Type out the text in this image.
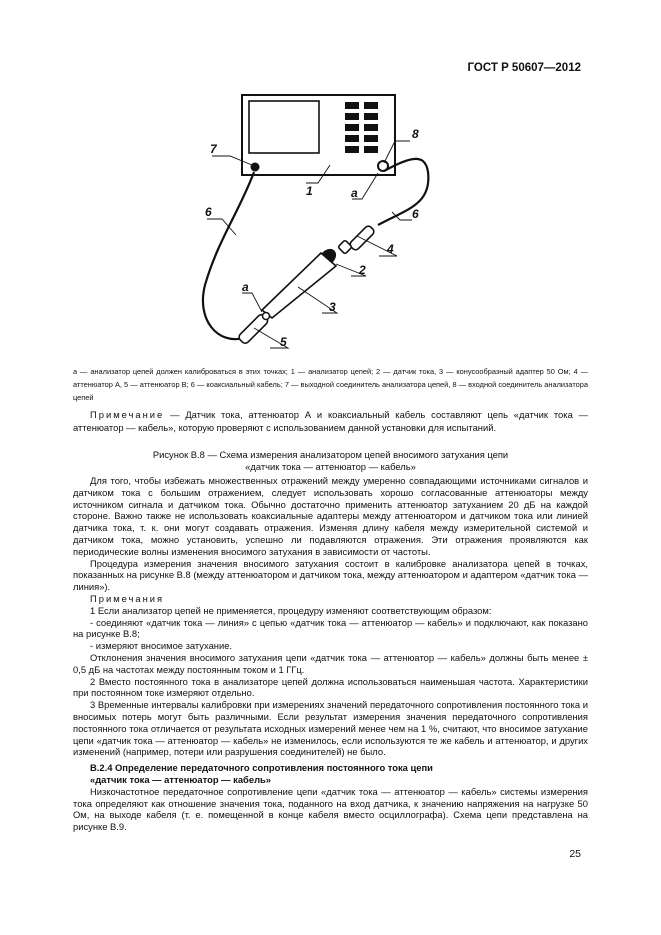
ГОСТ Р 50607—2012
7
1
8
а
6	6
4
2
3
а
5
а — анализатор цепей должен калиброваться в этих точках; 1 — анализатор цепей; 2 — датчик тока, 3 — конусообразный адаптер 50 Ом; 4 — аттенюатор А, 5 — аттенюатор В; 6 — коаксиальный кабель; 7 — выходной соединитель анализатора цепей, 8 — входной соединитель анализатора цепей
Примечание — Датчик тока, аттенюатор А и коаксиальный кабель составляют цепь «датчик тока — аттенюатор — кабель», которую проверяют с использованием данной установки для испытаний.
Рисунок В.8 — Схема измерения анализатором цепей вносимого затухания цепи
«датчик тока — аттенюатор — кабель»

Для того, чтобы избежать множественных отражений между умеренно совпадающими источниками сигналов и датчиком тока с большим отражением, следует использовать хорошо согласованные аттенюаторы между источником сигнала и датчиком тока. Обычно достаточно применить аттенюатор затуханием 20 дБ на каждой стороне. Важно также не использовать коаксиальные адаптеры между аттенюатором и датчиком тока или линией датчика тока, т. к. они могут создавать отражения. Изменяя длину кабеля между измерительной системой и датчиком тока, можно установить, успешно ли подавляются отражения. Эти отражения проявляются как периодические волны изменения вносимого затухания в зависимости от частоты.

Процедура измерения значения вносимого затухания состоит в калибровке анализатора цепей в точках, показанных на рисунке В.8 (между аттенюатором и датчиком тока, между аттенюатором и адаптером «датчик тока — линия»).

Примечания

1 Если анализатор цепей не применяется, процедуру изменяют соответствующим образом:

- соединяют «датчик тока — линия» с цепью «датчик тока — аттенюатор — кабель» и подключают, как показано на рисунке В.8;

- измеряют вносимое затухание.

Отклонения значения вносимого затухания цепи «датчик тока — аттенюатор — кабель» должны быть менее ± 0,5 дБ на частотах между постоянным током и 1 ГГц.

2 Вместо постоянного тока в анализаторе цепей должна использоваться наименьшая частота. Характеристики при постоянном токе измеряют отдельно.

3 Временные интервалы калибровки при измерениях значений передаточного сопротивления постоянного тока и вносимых потерь могут быть различными. Если результат измерения значения передаточного сопротивления постоянного тока отличается от результата исходных измерений менее чем на 1 %, считают, что вносимое затухание цепи «датчик тока — аттенюатор — кабель» не изменилось, если используются те же кабель и аттенюатор, и других изменений (например, потери или разрушения соединителей) не было.

В.2.4 Определение передаточного сопротивления постоянного тока цепи

«датчик тока — аттенюатор — кабель»

Низкочастотное передаточное сопротивление цепи «датчик тока — аттенюатор — кабель» системы измерения тока определяют как отношение значения тока, поданного на вход датчика, к значению напряжения на нагрузке 50 Ом, на выходе кабеля (т. е. помещенной в конце кабеля вместо осциллографа). Схема цепи представлена на рисунке В.9.

25
